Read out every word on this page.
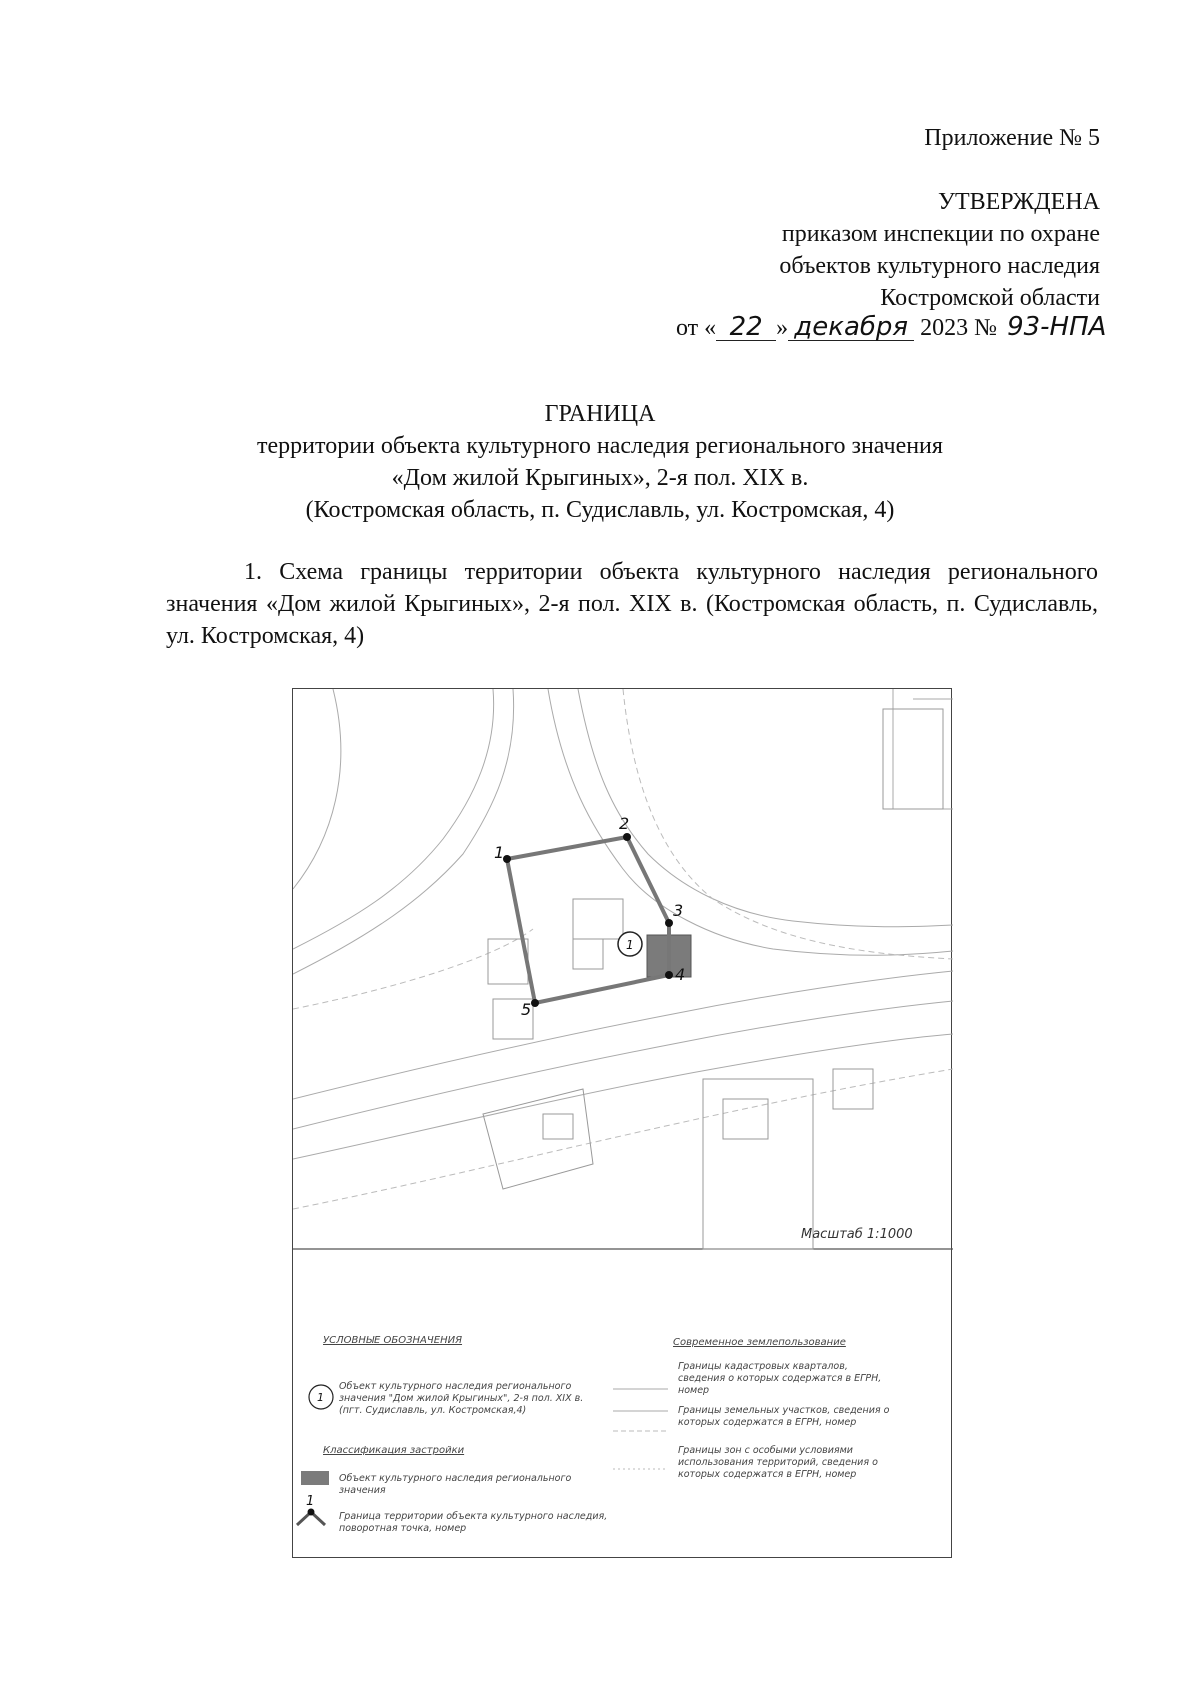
Приложение № 5
УТВЕРЖДЕНА
приказом инспекции по охране
объектов культурного наследия
Костромской области
от « 22 » декабря 2023 № 93-НПА
ГРАНИЦА
территории объекта культурного наследия регионального значения
«Дом жилой Крыгиных», 2-я пол. XIX в.
(Костромская область, п. Судиславль, ул. Костромская, 4)
1. Схема границы территории объекта культурного наследия регионального значения «Дом жилой Крыгиных», 2-я пол. XIX в. (Костромская область, п. Судиславль, ул. Костромская, 4)
1
2
3
4
5
1
1
1
Масштаб 1:1000
УСЛОВНЫЕ ОБОЗНАЧЕНИЯ
Объект культурного наследия регионального значения "Дом жилой Крыгиных", 2-я пол. XIX в. (пгт. Судиславль, ул. Костромская,4)
Классификация застройки
Объект культурного наследия регионального значения
Граница территории объекта культурного наследия, поворотная точка, номер
Современное землепользование
Границы кадастровых кварталов, сведения о которых содержатся в ЕГРН, номер
Границы земельных участков, сведения о которых содержатся в ЕГРН, номер
Границы зон с особыми условиями использования территорий, сведения о которых содержатся в ЕГРН, номер
